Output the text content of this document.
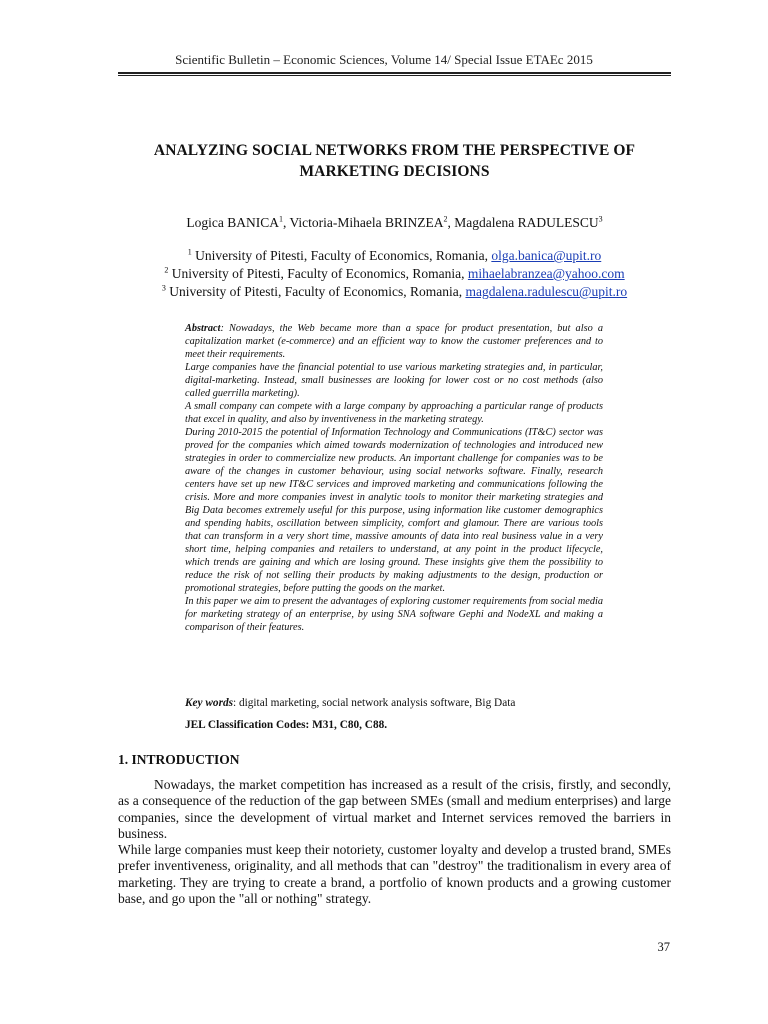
Scientific Bulletin – Economic Sciences, Volume 14/ Special Issue ETAEc 2015
ANALYZING SOCIAL NETWORKS FROM THE PERSPECTIVE OF
MARKETING DECISIONS
Logica BANICA$^1$, Victoria-Mihaela BRINZEA$^2$, Magdalena RADULESCU$^3$
$^1$ University of Pitesti, Faculty of Economics, Romania, olga.banica@upit.ro
$^2$ University of Pitesti, Faculty of Economics, Romania, mihaelabranzea@yahoo.com
$^3$ University of Pitesti, Faculty of Economics, Romania, magdalena.radulescu@upit.ro

Abstract: Nowadays, the Web became more than a space for product presentation, but also a capitalization market (e-commerce) and an efficient way to know the customer preferences and to meet their requirements.

Large companies have the financial potential to use various marketing strategies and, in particular, digital-marketing. Instead, small businesses are looking for lower cost or no cost methods (also called guerrilla marketing).

A small company can compete with a large company by approaching a particular range of products that excel in quality, and also by inventiveness in the marketing strategy.

During 2010-2015 the potential of Information Technology and Communications (IT&C) sector was proved for the companies which aimed towards modernization of technologies and introduced new strategies in order to commercialize new products. An important challenge for companies was to be aware of the changes in customer behaviour, using social networks software. Finally, research centers have set up new IT&C services and improved marketing and communications following the crisis. More and more companies invest in analytic tools to monitor their marketing strategies and Big Data becomes extremely useful for this purpose, using information like customer demographics and spending habits, oscillation between simplicity, comfort and glamour. There are various tools that can transform in a very short time, massive amounts of data into real business value in a very short time, helping companies and retailers to understand, at any point in the product lifecycle, which trends are gaining and which are losing ground. These insights give them the possibility to reduce the risk of not selling their products by making adjustments to the design, production or promotional strategies, before putting the goods on the market.

In this paper we aim to present the advantages of exploring customer requirements from social media for marketing strategy of an enterprise, by using SNA software Gephi and NodeXL and making a comparison of their features.

Key words: digital marketing, social network analysis software, Big Data
JEL Classification Codes: M31, C80, C88.
1. INTRODUCTION

Nowadays, the market competition has increased as a result of the crisis, firstly, and secondly, as a consequence of the reduction of the gap between SMEs (small and medium enterprises) and large companies, since the development of virtual market and Internet services removed the barriers in business.

While large companies must keep their notoriety, customer loyalty and develop a trusted brand, SMEs prefer inventiveness, originality, and all methods that can "destroy" the traditionalism in every area of marketing. They are trying to create a brand, a portfolio of known products and a growing customer base, and go upon the "all or nothing" strategy.

37
